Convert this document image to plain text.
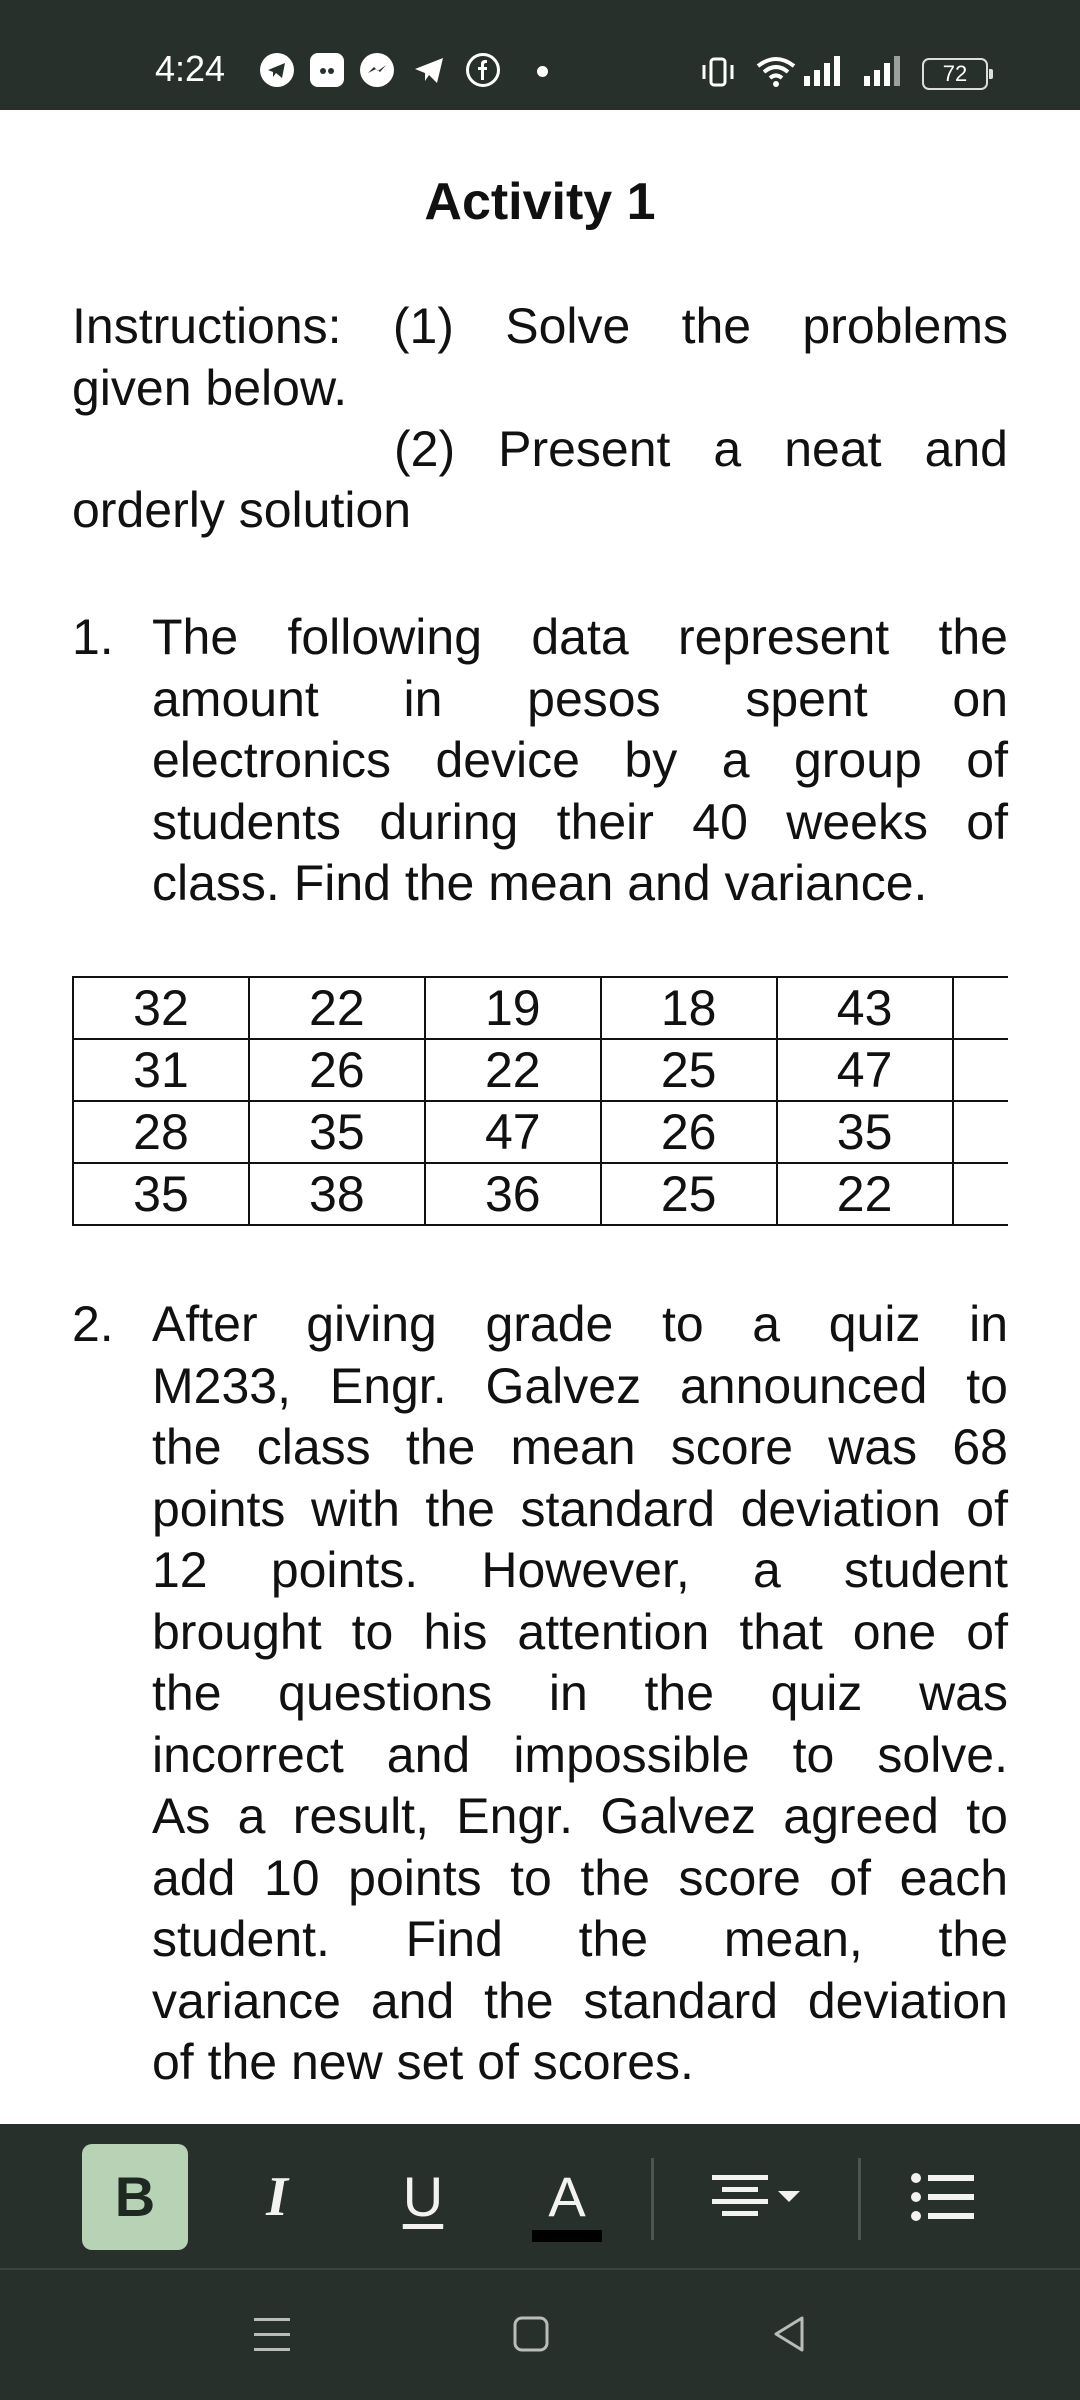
4:24	72
Activity 1
Instructions: (1) Solve the problems
given below.
(2) Present a neat and
orderly solution
1. The following data represent the
amount in pesos spent on
electronics device by a group of
students during their 40 weeks of
class. Find the mean and variance.
32	22	19	18	43	
31	26	22	25	47	
28	35	47	26	35	
35	38	36	25	22	
2. After giving grade to a quiz in
M233, Engr. Galvez announced to
the class the mean score was 68
points with the standard deviation of
12 points. However, a student
brought to his attention that one of
the questions in the quiz was
incorrect and impossible to solve.
As a result, Engr. Galvez agreed to
add 10 points to the score of each
student. Find the mean, the
variance and the standard deviation
of the new set of scores.
B	I	U	A
